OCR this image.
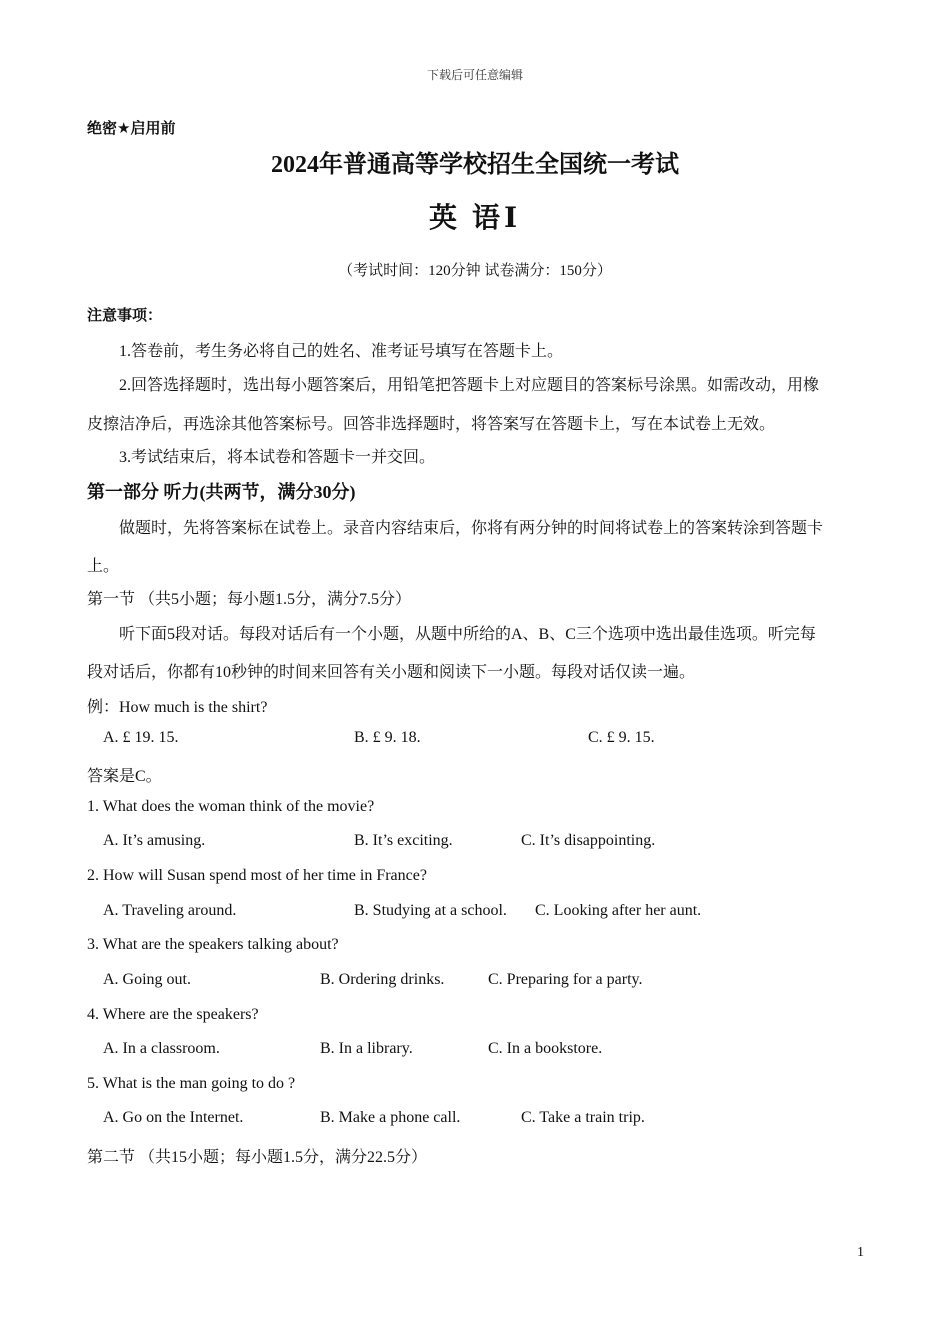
下载后可任意编辑
绝密★启用前
2024年普通高等学校招生全国统一考试
英 语Ⅰ
（考试时间：120分钟 试卷满分：150分）
注意事项：
1.答卷前，考生务必将自己的姓名、准考证号填写在答题卡上。
2.回答选择题时，选出每小题答案后，用铅笔把答题卡上对应题目的答案标号涂黑。如需改动，用橡
皮擦洁净后，再选涂其他答案标号。回答非选择题时，将答案写在答题卡上，写在本试卷上无效。
3.考试结束后，将本试卷和答题卡一并交回。
第一部分 听力(共两节，满分30分)
做题时，先将答案标在试卷上。录音内容结束后，你将有两分钟的时间将试卷上的答案转涂到答题卡
上。
第一节 （共5小题；每小题1.5分，满分7.5分）
听下面5段对话。每段对话后有一个小题，从题中所给的A、B、C三个选项中选出最佳选项。听完每
段对话后，你都有10秒钟的时间来回答有关小题和阅读下一小题。每段对话仅读一遍。
例：How much is the shirt?
A. £ 19. 15.	B. £ 9. 18.	C. £ 9. 15.
答案是C。
1. What does the woman think of the movie?
A. It’s amusing.	B. It’s exciting.	C. It’s disappointing.
2. How will Susan spend most of her time in France?
A. Traveling around.	B. Studying at a school. C. Looking after her aunt.
3. What are the speakers talking about?
A. Going out.	B. Ordering drinks.	C. Preparing for a party.
4. Where are the speakers?
A. In a classroom.	B. In a library.	C. In a bookstore.
5. What is the man going to do ?
A. Go on the Internet.	B. Make a phone call.	C. Take a train trip.
第二节 （共15小题；每小题1.5分，满分22.5分）
1
